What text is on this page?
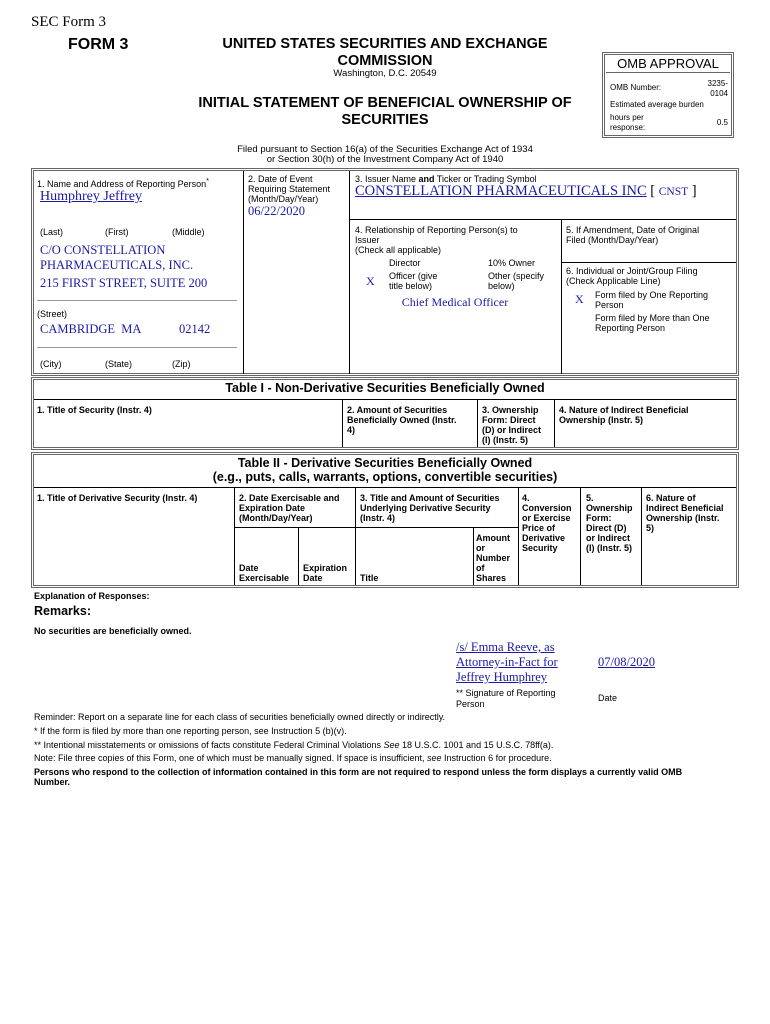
SEC Form 3
FORM 3	UNITED STATES SECURITIES AND EXCHANGE COMMISSION
Washington, D.C. 20549
INITIAL STATEMENT OF BENEFICIAL OWNERSHIP OF SECURITIES
Filed pursuant to Section 16(a) of the Securities Exchange Act of 1934
or Section 30(h) of the Investment Company Act of 1940
OMB APPROVAL
OMB Number:	3235-
0104
Estimated average burden
hours per
response:
0.5
1. Name and Address of Reporting Person*
Humphrey Jeffrey
(Last)	(First)	(Middle)
C/O CONSTELLATION
PHARMACEUTICALS, INC.
215 FIRST STREET, SUITE 200
(Street)
CAMBRIDGE MA	02142
(City)	(State)	(Zip)
2. Date of Event
Requiring Statement
(Month/Day/Year)
06/22/2020
3. Issuer Name and Ticker or Trading Symbol
CONSTELLATION PHARMACEUTICALS INC [ CNST ]
4. Relationship of Reporting Person(s) to
Issuer
(Check all applicable)
Director	10% Owner
X Officer (give
title below)
Other (specify
below)
Chief Medical Officer
5. If Amendment, Date of Original
Filed (Month/Day/Year)
6. Individual or Joint/Group Filing
(Check Applicable Line)
X Form filed by One Reporting
Person
Form filed by More than One
Reporting Person
Table I - Non-Derivative Securities Beneficially Owned
1. Title of Security (Instr. 4)	2. Amount of Securities
Beneficially Owned (Instr.
4)
3. Ownership
Form: Direct
(D) or Indirect
(I) (Instr. 5)
4. Nature of Indirect Beneficial
Ownership (Instr. 5)
Table II - Derivative Securities Beneficially Owned
(e.g., puts, calls, warrants, options, convertible securities)
1. Title of Derivative Security (Instr. 4)	2. Date Exercisable and
Expiration Date
(Month/Day/Year)
Date
Exercisable
Expiration
Date
3. Title and Amount of Securities
Underlying Derivative Security
(Instr. 4)
Title
Amount
or
Number
of
Shares
4.
Conversion
or Exercise
Price of
Derivative
Security
5.
Ownership
Form:
Direct (D)
or Indirect
(I) (Instr. 5)
6. Nature of
Indirect Beneficial
Ownership (Instr.
5)
Explanation of Responses:
Remarks:
No securities are beneficially owned.
/s/ Emma Reeve, as
Attorney-in-Fact for
Jeffrey Humphrey
07/08/2020
** Signature of Reporting
Person
Date
Reminder: Report on a separate line for each class of securities beneficially owned directly or indirectly.
* If the form is filed by more than one reporting person, see Instruction 5 (b)(v).
** Intentional misstatements or omissions of facts constitute Federal Criminal Violations See 18 U.S.C. 1001 and 15 U.S.C. 78ff(a).
Note: File three copies of this Form, one of which must be manually signed. If space is insufficient, see Instruction 6 for procedure.
Persons who respond to the collection of information contained in this form are not required to respond unless the form displays a currently valid OMB
Number.
